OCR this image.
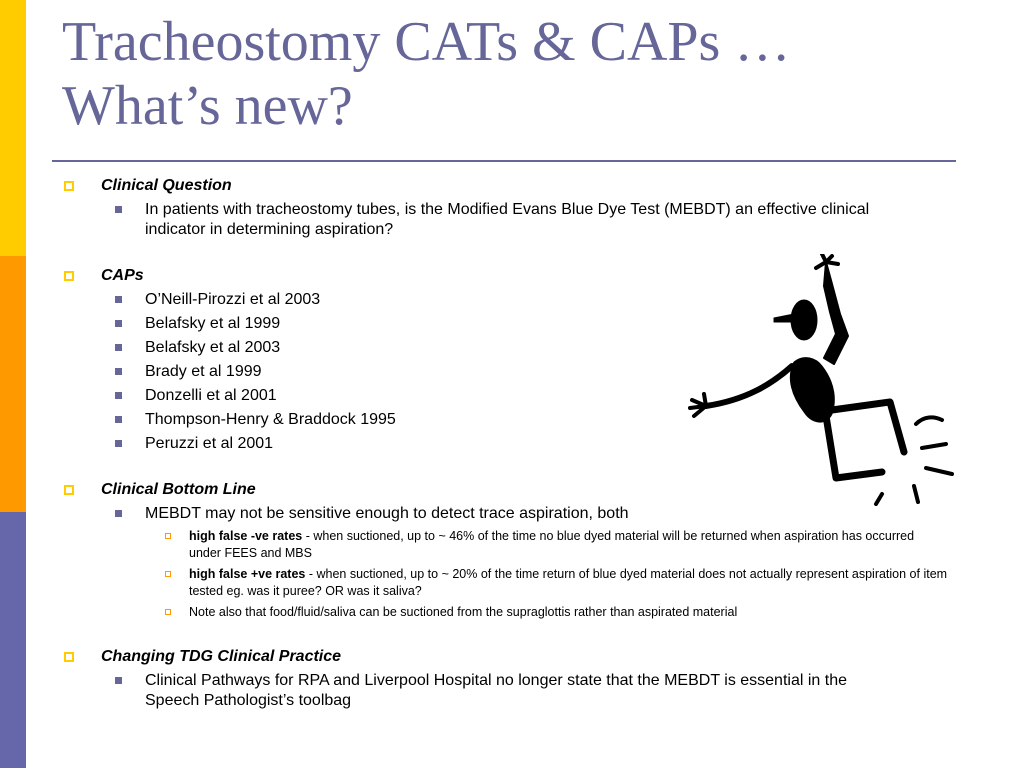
Tracheostomy CATs & CAPs …
What’s new?
Clinical Question
In patients with tracheostomy tubes, is the Modified Evans Blue Dye Test (MEBDT) an effective clinical indicator in determining aspiration?
CAPs
O’Neill-Pirozzi et al 2003
Belafsky et al 1999
Belafsky et al 2003
Brady et al 1999
Donzelli et al 2001
Thompson-Henry & Braddock 1995
Peruzzi et al 2001
Clinical Bottom Line
MEBDT may not be sensitive enough to detect trace aspiration, both
high false -ve rates - when suctioned, up to ~ 46% of the time no blue dyed material will be returned when aspiration has occurred under FEES and MBS
high false +ve rates - when suctioned, up to ~ 20% of the time return of blue dyed material does not actually represent aspiration of item tested eg. was it puree? OR was it saliva?
Note also that food/fluid/saliva can be suctioned from the supraglottis rather than aspirated material
Changing TDG Clinical Practice
Clinical Pathways for RPA and Liverpool Hospital no longer state that the MEBDT is essential in the Speech Pathologist’s toolbag
